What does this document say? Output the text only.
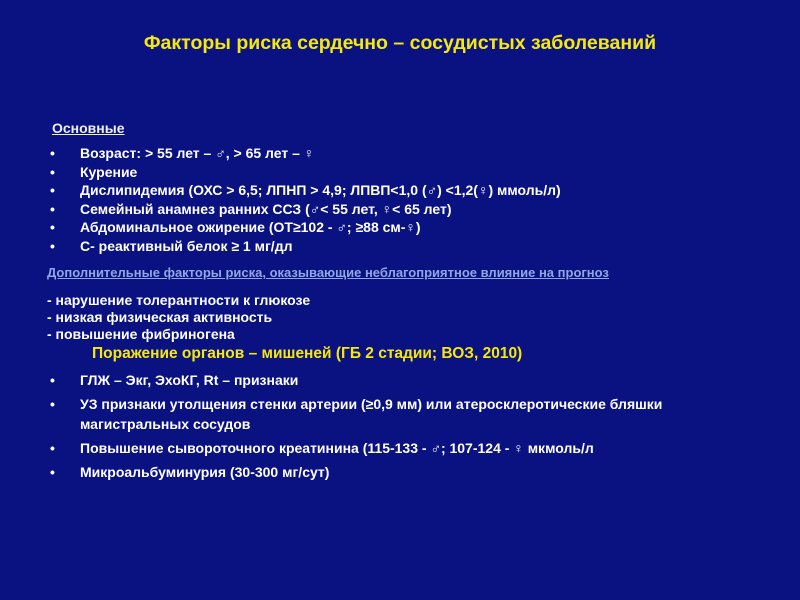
Факторы риска сердечно – сосудистых заболеваний
Основные
• Возраст: > 55 лет – ♂, > 65 лет – ♀
• Курение
• Дислипидемия (ОХС > 6,5; ЛПНП > 4,9; ЛПВП<1,0 (♂) <1,2(♀) ммоль/л)
• Семейный анамнез ранних ССЗ (♂< 55 лет, ♀< 65 лет)
• Абдоминальное ожирение (ОТ≥102 - ♂; ≥88 см-♀)
• С- реактивный белок ≥ 1 мг/дл
Дополнительные факторы риска, оказывающие неблагоприятное влияние на прогноз
- нарушение толерантности к глюкозе
- низкая физическая активность
- повышение фибриногена
Поражение органов – мишеней (ГБ 2 стадии; ВОЗ, 2010)
• ГЛЖ – Экг, ЭхоКГ, Rt – признаки
• УЗ признаки утолщения стенки артерии (≥0,9 мм) или атеросклеротические бляшки магистральных сосудов
• Повышение сывороточного креатинина (115-133 - ♂; 107-124 - ♀ мкмоль/л
• Микроальбуминурия (30-300 мг/сут)
